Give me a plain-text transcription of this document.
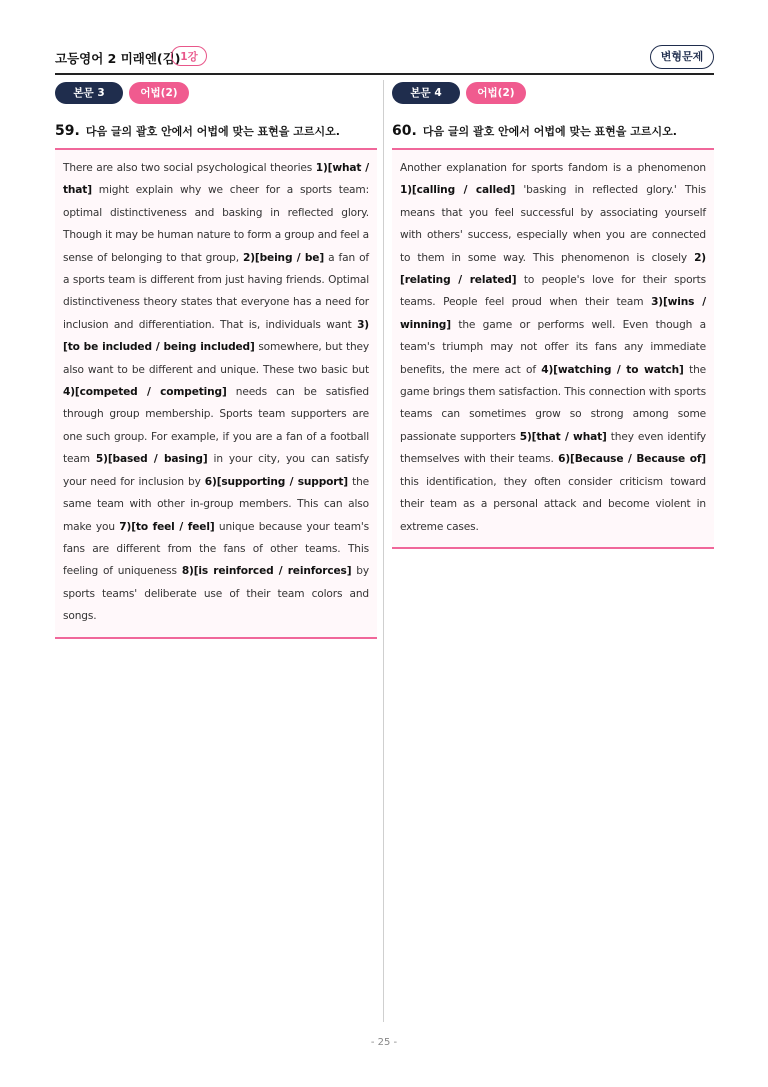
고등영어 2 미래엔(김) 1강	변형문제
본문 3	어법(2)
59. 다음 글의 괄호 안에서 어법에 맞는 표현을 고르시오.
There are also two social psychological theories 1)[what / that] might explain why we cheer for a sports team: optimal distinctiveness and basking in reflected glory. Though it may be human nature to form a group and feel a sense of belonging to that group, 2)[being / be] a fan of a sports team is different from just having friends. Optimal distinctiveness theory states that everyone has a need for inclusion and differentiation. That is, individuals want 3)[to be included / being included] somewhere, but they also want to be different and unique. These two basic but 4)[competed / competing] needs can be satisfied through group membership. Sports team supporters are one such group. For example, if you are a fan of a football team 5)[based / basing] in your city, you can satisfy your need for inclusion by 6)[supporting / support] the same team with other in-group members. This can also make you 7)[to feel / feel] unique because your team's fans are different from the fans of other teams. This feeling of uniqueness 8)[is reinforced / reinforces] by sports teams' deliberate use of their team colors and songs.
본문 4	어법(2)
60. 다음 글의 괄호 안에서 어법에 맞는 표현을 고르시오.
Another explanation for sports fandom is a phenomenon 1)[calling / called] 'basking in reflected glory.' This means that you feel successful by associating yourself with others' success, especially when you are connected to them in some way. This phenomenon is closely 2)[relating / related] to people's love for their sports teams. People feel proud when their team 3)[wins / winning] the game or performs well. Even though a team's triumph may not offer its fans any immediate benefits, the mere act of 4)[watching / to watch] the game brings them satisfaction. This connection with sports teams can sometimes grow so strong among some passionate supporters 5)[that / what] they even identify themselves with their teams. 6)[Because / Because of] this identification, they often consider criticism toward their team as a personal attack and become violent in extreme cases.
- 25 -
